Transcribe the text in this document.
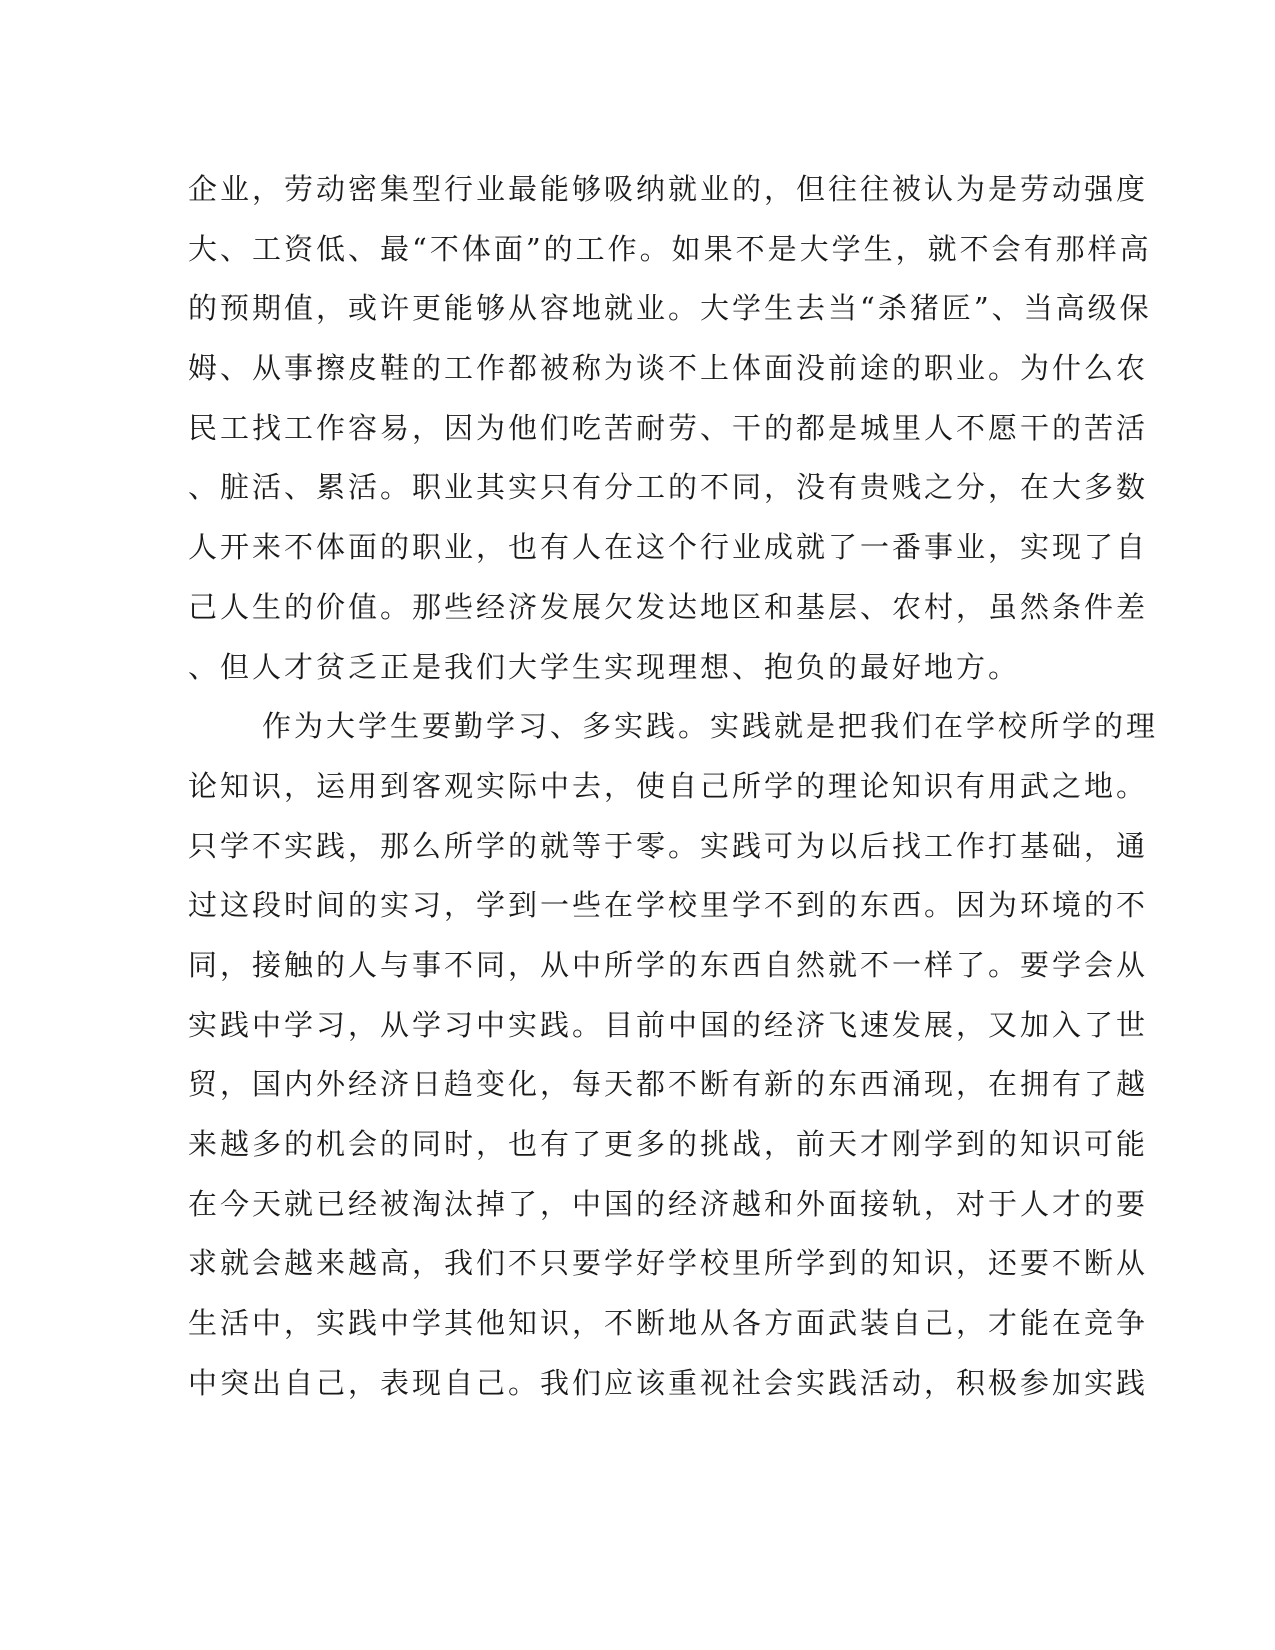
企业，劳动密集型行业最能够吸纳就业的，但往往被认为是劳动强度
大、工资低、最“不体面”的工作。如果不是大学生，就不会有那样高
的预期值，或许更能够从容地就业。大学生去当“杀猪匠”、当高级保
姆、从事擦皮鞋的工作都被称为谈不上体面没前途的职业。为什么农
民工找工作容易，因为他们吃苦耐劳、干的都是城里人不愿干的苦活
、脏活、累活。职业其实只有分工的不同，没有贵贱之分，在大多数
人开来不体面的职业，也有人在这个行业成就了一番事业，实现了自
己人生的价值。那些经济发展欠发达地区和基层、农村，虽然条件差
、但人才贫乏正是我们大学生实现理想、抱负的最好地方。
作为大学生要勤学习、多实践。实践就是把我们在学校所学的理
论知识，运用到客观实际中去，使自己所学的理论知识有用武之地。
只学不实践，那么所学的就等于零。实践可为以后找工作打基础，通
过这段时间的实习，学到一些在学校里学不到的东西。因为环境的不
同，接触的人与事不同，从中所学的东西自然就不一样了。要学会从
实践中学习，从学习中实践。目前中国的经济飞速发展，又加入了世
贸，国内外经济日趋变化，每天都不断有新的东西涌现，在拥有了越
来越多的机会的同时，也有了更多的挑战，前天才刚学到的知识可能
在今天就已经被淘汰掉了，中国的经济越和外面接轨，对于人才的要
求就会越来越高，我们不只要学好学校里所学到的知识，还要不断从
生活中，实践中学其他知识，不断地从各方面武装自己，才能在竞争
中突出自己，表现自己。我们应该重视社会实践活动，积极参加实践
